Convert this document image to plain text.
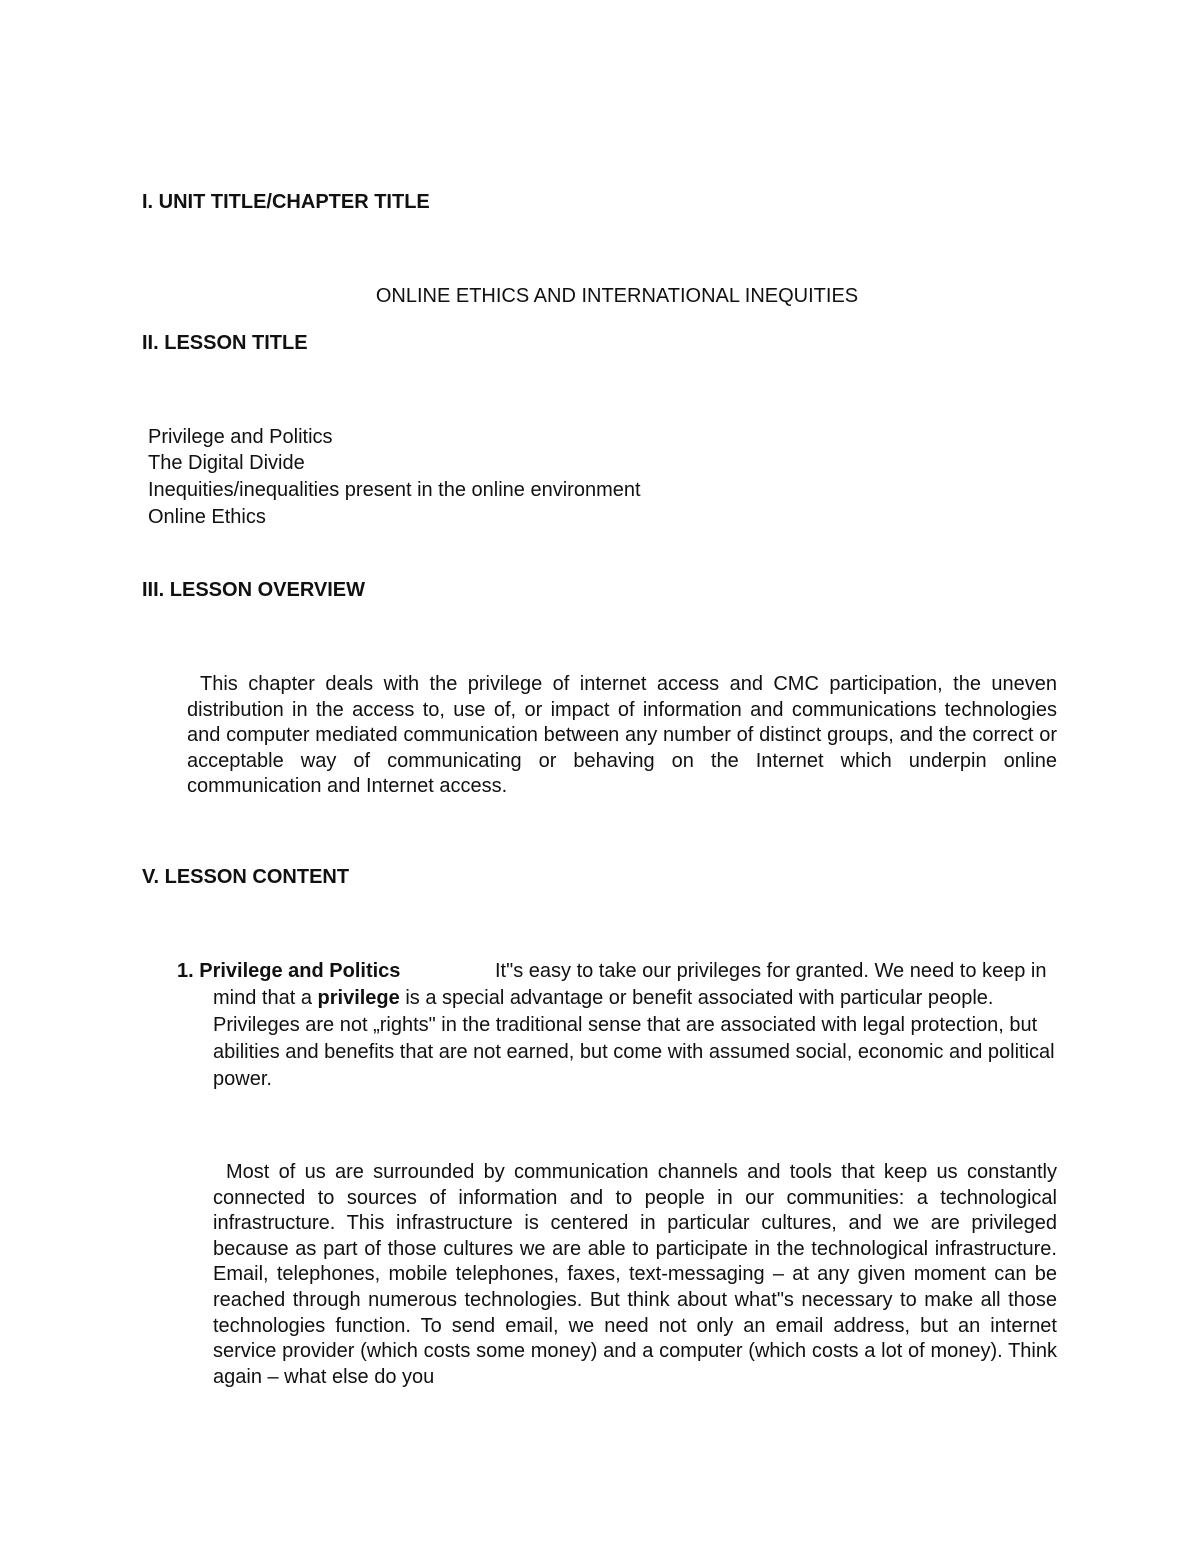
I. UNIT TITLE/CHAPTER TITLE
ONLINE ETHICS AND INTERNATIONAL INEQUITIES
II. LESSON TITLE
Privilege and Politics
The Digital Divide
Inequities/inequalities present in the online environment
Online Ethics
III. LESSON OVERVIEW
This chapter deals with the privilege of internet access and CMC participation, the uneven distribution in the access to, use of, or impact of information and communications technologies and computer mediated communication between any number of distinct groups, and the correct or acceptable way of communicating or behaving on the Internet which underpin online communication and Internet access.
V. LESSON CONTENT
1. Privilege and Politics	It"s easy to take our privileges for granted. We need to keep in mind that a privilege is a special advantage or benefit associated with particular people. Privileges are not „rights" in the traditional sense that are associated with legal protection, but abilities and benefits that are not earned, but come with assumed social, economic and political power.
Most of us are surrounded by communication channels and tools that keep us constantly connected to sources of information and to people in our communities: a technological infrastructure. This infrastructure is centered in particular cultures, and we are privileged because as part of those cultures we are able to participate in the technological infrastructure. Email, telephones, mobile telephones, faxes, text-messaging – at any given moment can be reached through numerous technologies. But think about what"s necessary to make all those technologies function. To send email, we need not only an email address, but an internet service provider (which costs some money) and a computer (which costs a lot of money). Think again – what else do you
